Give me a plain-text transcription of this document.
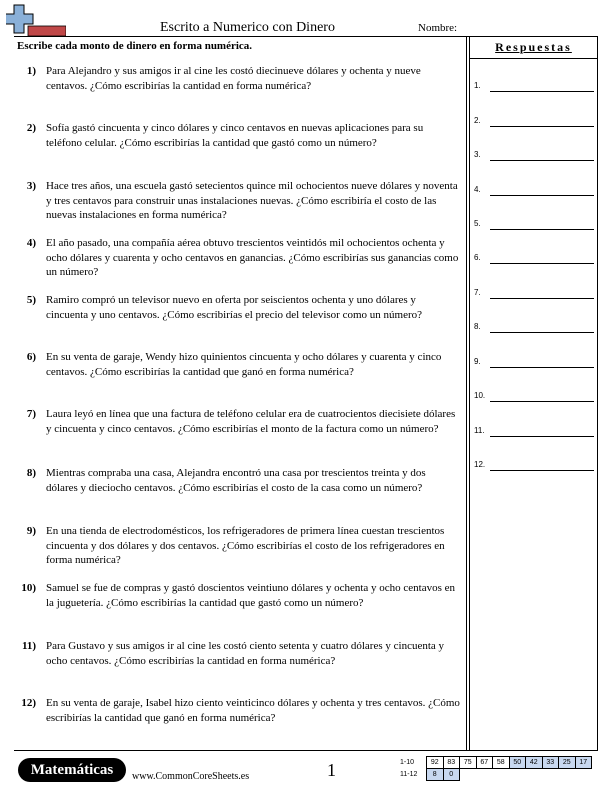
Escrito a Numerico con Dinero	Nombre:
Escribe cada monto de dinero en forma numérica.	Respuestas
1) Para Alejandro y sus amigos ir al cine les costó diecinueve dólares y ochenta y nueve centavos. ¿Cómo escribirías la cantidad en forma numérica?
2) Sofía gastó cincuenta y cinco dólares y cinco centavos en nuevas aplicaciones para su teléfono celular. ¿Cómo escribirías la cantidad que gastó como un número?
3) Hace tres años, una escuela gastó setecientos quince mil ochocientos nueve dólares y noventa y tres centavos para construir unas instalaciones nuevas. ¿Cómo escribiría el costo de las nuevas instalaciones en forma numérica?
4) El año pasado, una compañía aérea obtuvo trescientos veintidós mil ochocientos ochenta y ocho dólares y cuarenta y ocho centavos en ganancias. ¿Cómo escribirías sus ganancias como un número?
5) Ramiro compró un televisor nuevo en oferta por seiscientos ochenta y uno dólares y cincuenta y uno centavos. ¿Cómo escribirías el precio del televisor como un número?
6) En su venta de garaje, Wendy hizo quinientos cincuenta y ocho dólares y cuarenta y cinco centavos. ¿Cómo escribirías la cantidad que ganó en forma numérica?
7) Laura leyó en línea que una factura de teléfono celular era de cuatrocientos diecisiete dólares y cincuenta y cinco centavos. ¿Cómo escribirías el monto de la factura como un número?
8) Mientras compraba una casa, Alejandra encontró una casa por trescientos treinta y dos dólares y dieciocho centavos. ¿Cómo escribirías el costo de la casa como un número?
9) En una tienda de electrodomésticos, los refrigeradores de primera línea cuestan trescientos cincuenta y dos dólares y dos centavos. ¿Cómo escribirías el costo de los refrigeradores en forma numérica?
10) Samuel se fue de compras y gastó doscientos veintiuno dólares y ochenta y ocho centavos en la juguetería. ¿Cómo escribirías la cantidad que gastó como un número?
11) Para Gustavo y sus amigos ir al cine les costó ciento setenta y cuatro dólares y cincuenta y ocho centavos. ¿Cómo escribirías la cantidad en forma numérica?
12) En su venta de garaje, Isabel hizo ciento veinticinco dólares y ochenta y tres centavos. ¿Cómo escribirías la cantidad que ganó en forma numérica?
1.
2.
3.
4.
5.
6.
7.
8.
9.
10.
11.
12.
Matemáticas	www.CommonCoreSheets.es	1	1-10	92	83	75	67	58	50	42	33	25	17
11-12	8	0								
